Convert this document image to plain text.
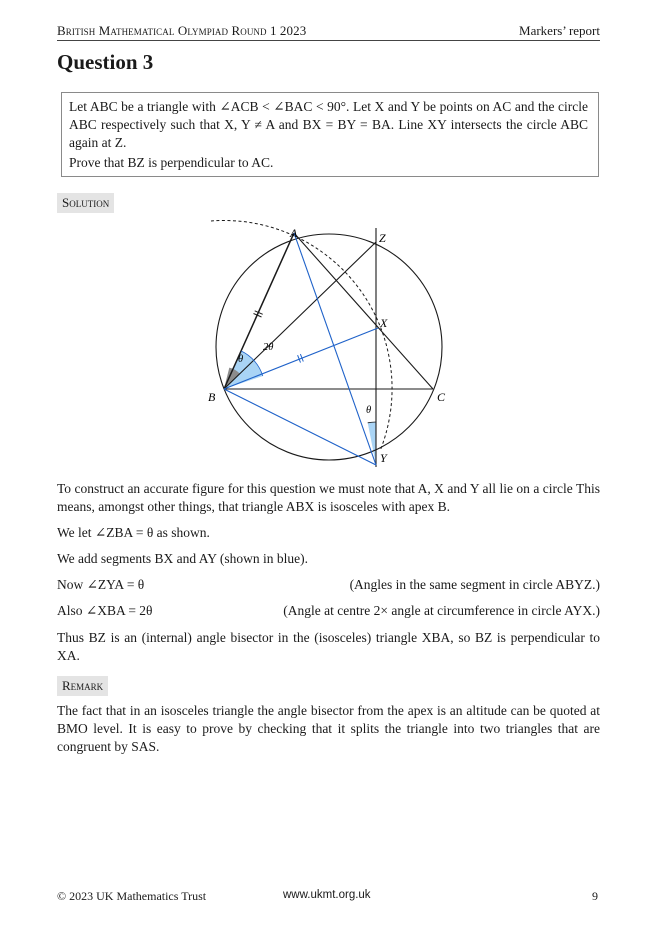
British Mathematical Olympiad Round 1 2023	Markers’ report
Question 3

Let ABC be a triangle with ∠ACB < ∠BAC < 90°. Let X and Y be points on AC and the circle ABC respectively such that X, Y ≠ A and BX = BY = BA. Line XY intersects the circle ABC again at Z.

Prove that BZ is perpendicular to AC.

Solution
A
B	C
X
Y
Z
θ
2θ
θ
To construct an accurate figure for this question we must note that A, X and Y all lie on a circle This means, amongst other things, that triangle ABX is isosceles with apex B.
We let ∠ZBA = θ as shown.
We add segments BX and AY (shown in blue).
Now ∠ZYA = θ	(Angles in the same segment in circle ABYZ.)
Also ∠XBA = 2θ	(Angle at centre 2× angle at circumference in circle AYX.)
Thus BZ is an (internal) angle bisector in the (isosceles) triangle XBA, so BZ is perpendicular to XA.
Remark
The fact that in an isosceles triangle the angle bisector from the apex is an altitude can be quoted at BMO level. It is easy to prove by checking that it splits the triangle into two triangles that are congruent by SAS.
© 2023 UK Mathematics Trust	www.ukmt.org.uk	9
